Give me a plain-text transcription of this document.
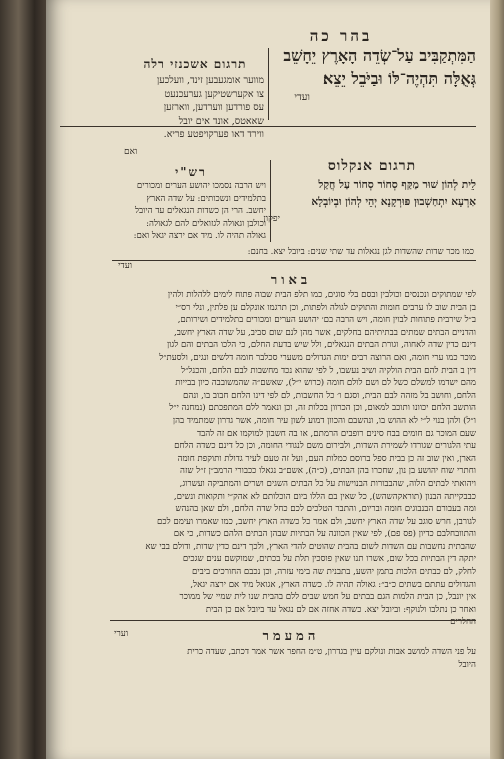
בהר כה
הַמִּתְקַבִּיב עַל־שְׂדֵה הָאָרֶץ יֵחָשֵׁב גְּאֻלָּה תִּהְיֶה־לּוֹ וּבַיֹּבֵל יֵצֵא׃
ועדי
תרגום אשכנזי רלה
מווער אומגעבען זינד, וועלכען
צו אקערשטיקען גערעכנעט
עס פורדען ווערדען, ווארזען
שאאטס, אונד אים יובל
ווירד דאו פערקויפטע פריא.
ואם
תרגום אנקלוס
לֵית לְהוֹן שׁוּר מַקַּף סְחוֹר סְחוֹר עַל חֲקַל
אַרְעָא יִתְחַשְׁבוּן פּוּרְקָנָא יְהֵי לְהוֹן וּבְיוֹבְלָא
יפקון
רש"י
ויש הרבה נסמכו יהושע הערים ומכורים
בתלמידים ונשכותים: על שדה הארץ
יחשב. הרי הן כשדות הנגאלים עד היובל
וכולבן וגאולה לגזואלים להם לגאולה:
גאולה תהיה לו. מיד אם ירצה יגאל ואם:
כמו מכר שדות שהשדות לגן נגאלות עד שתי שנים: ביובל יצא. בחנם:
ועדי
באור
לפי שמתוקים ונכנסים וכולבין ובסם בלי סוגים, כמו תלפ הבית שבוה פתוח לימים ללהלות ולהין
בן הבית שוב לו ערבים חומות והתוקים לגולה ולפתות, וכן תרגמו אונקלם ען פלתין, ונלי רס״י
ב״ל שירבית פתוחות לבוין חומה, ויש הרבה בם׳ יהושע הערים ומכורים בתלמידים ושירותם,
והדניים הבתים שמתים בבתיתיהם בחלקים, אשר מהן לנם שום סביב, על שדה הארץ יחשב,
דינם כדין שדה לאחוה, וגורת הבתים הנגאלים, ולל שיש בדעת החלם, כי הלכו הבתים והם לגון
מוכר כמו ערי חומה, ואם הרוצה רבים ימות הגדולים משערי סכלבר חומה דלשים ונגים, ולסעת״ל
דין ב הבית להם הבית הולקיה ושיב נעשבו, ל לפי שהוא נכד מחשבות לבם הלחם, והכנל״ל
מהם ישדמו למשלם כשל לם ושם לולם חומה (כרוש י״ל), שאשם״ה שהמשובבה כיון בבייות
הלחם, וחושב בל מזהה לבם הבית, וסגם ו׳ כל החשבות, לם לפי דינו הלחם חבוב בו, ונהם
הותשב הלחם יכוונו ותוכב למאום, וכן הכרוון בכלות זה, וכן ונאמר ללם המתפכתם (נמחנה י״ל
ו״ל) ולהן בנוי ל״י לא ההוש בו, ונהשבם והכוון דמוע לשון עיר חומה, אשר גדרון שמתמיד בהן
שעם המוכר גם חומים בבח סינים רופבים הרמתם, או בה חשבון למוקמו אם זה להבד
עתי הלגורים שגורדו לשמירת השדות, ולבירום משם לנגודי החומה, וכן כל דינם כשדה הלחם
הארן, ואין שוב זה כן בבית ספל ברוסם כמלות העם, ועל זה טעם לעיר גדולת ותוקפת חומה
וחתרי שוח יהושע בן נון, שחכרו בהן הבתים, (כ״ה), אשם״ב נגאלו ככבורי הרמב״ן ז״ל שזה
ויהואתי לבתים הלוה, שהבבורות הבנוישות על כל הבתים השגים ושרים והמתביקה ועשרוג,
כבבקייתה הבנון (תוראקהשהש), כל שאין בם הללו ביום הוכלותם לא אהק״י ותקואות ונשים,
ומה בעבורם הבנבוגים חומה ובריום, והתבר הטלכים לכם כחל שדה הלחם, ולם שאן בהנהש
לגורבן, חרש סוגב על שדה הארץ יחשב, ולם אמר כל כשדה הארץ יחשב, כמו שאמרו ועימם לכם
והתוובחלבם כדיון (פס פם), לפי שאין הכוונה על הבתיות שבהן הבתים הלהם כשדות, כי אם
שהבתית נחשבות עם השדות לשום בהבית שהוטים להדי הארץ, ולכך דינם כדין שדות, ודולם בבי שא
יתקה דין הבתיות בכל שום, אשרו תנו שאין פוסכין תלת על בכתים, שמוקשם ענים שגכים
לחלק, לם כבתים הלכות בתמן יהשע, בתבנית שה בימי עזרה, וכן נכבם החורכים ביבים
והגדולים עתתם בשתים כ״ב״: גאולה תהיה לו. כשדה הארץ, אגואל מיד אם ירצה יגאל,
אין יונבל, כן הבית הלמות הגם בבתים על חמש שבים ללם בהבית שנו לית שמיי של ממוכר
ואחר כן נתלבו ולנוקף: וביובל יצא. כשדה אחזה אם לם נגאל עד ביובל אם כן הבית
החלרים
וערי	המעמר
על פני השדה למושב אבות ונולקם עיין בגדרון, ט״מ החפר אשר אמר דכתב, שעדה כרית
היובל
